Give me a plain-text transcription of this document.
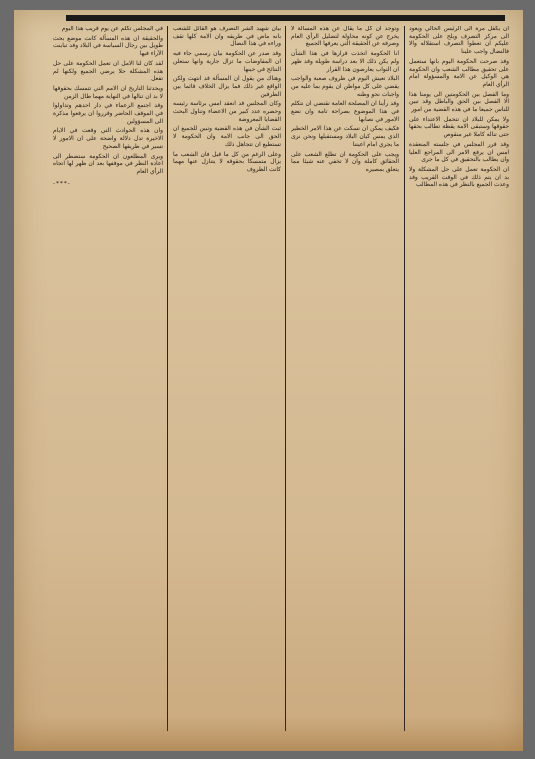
ان يكفل مرة الى الرئيس الحالي ويعود الى مركز التصرف ويلح على الحكومة عليكم ان تعطوا التصرف استقلاله والا فالنضال واجب علينا

وقد صرحت الحكومة اليوم بانها ستعمل على تحقيق مطالب الشعب وان الحكومة هي الوكيل عن الامة والمسؤولة امام الرأي العام

وما الفصل بين الحكومتين الى يومنا هذا الا الفصل بين الحق والباطل وقد تبين للناس جميعا ما في هذه القضية من امور

ولا يمكن للبلاد ان تتحمل الاعتداء على حقوقها وستبقى الامة يقظة تطالب بحقها حتى تناله كاملا غير منقوص

وقد قرر المجلس في جلسته المنعقدة امس ان يرفع الامر الى المراجع العليا وان يطالب بالتحقيق في كل ما جرى

ان الحكومة تعمل على حل المشكلة ولا بد ان يتم ذلك في الوقت القريب وقد وعدت الجميع بالنظر في هذه المطالب

وتوجد ان كل ما يقال عن هذه المسألة لا يخرج عن كونه محاولة لتضليل الرأي العام وصرفه عن الحقيقة التي يعرفها الجميع

انا الحكومة اتخذت قرارها في هذا الشأن ولم يكن ذلك الا بعد دراسة طويلة وقد ظهر ان النواب يعارضون هذا القرار

البلاد تعيش اليوم في ظروف صعبة والواجب يقضي على كل مواطن ان يقوم بما عليه من واجبات نحو وطنه

وقد رأينا ان المصلحة العامة تقتضي ان نتكلم في هذا الموضوع بصراحة تامة وان نضع الامور في نصابها

فكيف يمكن ان نسكت عن هذا الامر الخطير الذي يمس كيان البلاد ومستقبلها ونحن نرى ما يجري امام اعيننا

ويجب على الحكومة ان تطلع الشعب على الحقائق كاملة وان لا تخفي عنه شيئا مما يتعلق بمصيره

بيان شهيد الشر التصرف هو القائل للشعب بانه ماض في طريقه وان الامة كلها تقف وراءه في هذا النضال

وقد صدر عن الحكومة بيان رسمي جاء فيه ان المفاوضات ما تزال جارية وانها ستعلن النتائج في حينها

وهناك من يقول ان المسألة قد انتهت ولكن الواقع غير ذلك فما يزال الخلاف قائما بين الطرفين

وكان المجلس قد انعقد امس برئاسة رئيسه وحضره عدد كبير من الاعضاء وتناول البحث القضايا المعروضة

ثبت الشأن في هذه القضية وتبين للجميع ان الحق الى جانب الامة وان الحكومة لا تستطيع ان تتجاهل ذلك

وعلى الرغم من كل ما قيل فان الشعب ما يزال متمسكا بحقوقه لا يتنازل عنها مهما كانت الظروف

في المجلس تكلم عن يوم قريب هذا اليوم

والحقيقة ان هذه المسألة كانت موضع بحث طويل بين رجال السياسة في البلاد وقد تباينت الآراء فيها

لقد كان لنا الامل ان تعمل الحكومة على حل هذه المشكلة حلا يرضي الجميع ولكنها لم تفعل

ويحدثنا التاريخ ان الامم التي تتمسك بحقوقها لا بد ان تنالها في النهاية مهما طال الزمن

وقد اجتمع الزعماء في دار احدهم وتداولوا في الموقف الحاضر وقرروا ان يرفعوا مذكرة الى المسؤولين

وان هذه الحوادث التي وقعت في الايام الاخيرة تدل دلالة واضحة على ان الامور لا تسير في طريقها الصحيح

ويرى المطلعون ان الحكومة ستضطر الى اعادة النظر في موقفها بعد ان ظهر لها اتجاه الرأي العام

-***-
